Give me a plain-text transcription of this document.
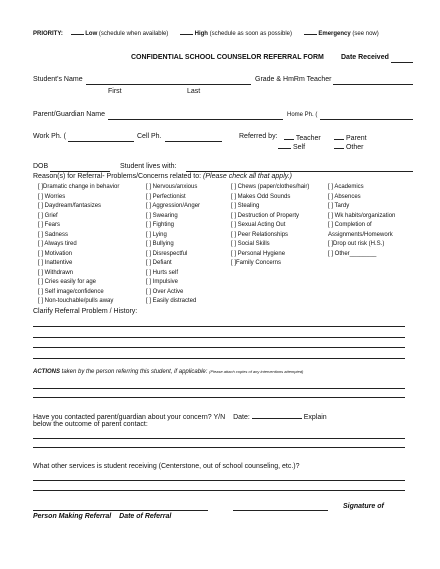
PRIORITY:	Low (schedule when available)	High (schedule as soon as possible)	Emergency (see now)
CONFIDENTIAL SCHOOL COUNSELOR REFERRAL FORM Date Received
Student's Name	Grade & HmRm Teacher
First	Last
Parent/Guardian Name	Home Ph. (
Work Ph. (	Cell Ph.	Referred by:	Teacher	Parent
Self	Other
DOB	Student lives with:
Reason(s) for Referral- Problems/Concerns related to: (Please check all that apply.)
[ ]Dramatic change in behavior
[ ] Worries
[ ] Daydream/fantasizes
[ ] Grief
[ ] Fears
[ ] Sadness
[ ] Always tired
[ ] Motivation
[ ] Inattentive
[ ] Withdrawn
[ ] Cries easily for age
[ ] Self image/confidence
[ ] Non-touchable/pulls away
[ ] Nervous/anxious
[ ] Perfectionist
[ ] Aggression/Anger
[ ] Swearing
[ ] Fighting
[ ] Lying
[ ] Bullying
[ ] Disrespectful
[ ] Defiant
[ ] Hurts self
[ ] Impulsive
[ ] Over Active
[ ] Easily distracted
[ ] Chews (paper/clothes/hair)
[ ] Makes Odd Sounds
[ ] Stealing
[ ] Destruction of Property
[ ] Sexual Acting Out
[ ] Peer Relationships
[ ] Social Skills
[ ] Personal Hygiene
[ ]Family Concerns
[ ] Academics
[ ] Absences
[ ] Tardy
[ ] Wk habits/organization
[ ] Completion of
Assignments/Homework
[ ]Drop out risk (H.S.)
[ ] Other________
Clarify Referral Problem / History:
ACTIONS taken by the person referring this student, if applicable: (Please attach copies of any interventions attempted)
Have you contacted parent/guardian about your concern? Y/N Date:	Explain
below the outcome of parent contact:
What other services is student receiving (Centerstone, out of school counseling, etc.)?
Signature of
Person Making Referral Date of Referral
